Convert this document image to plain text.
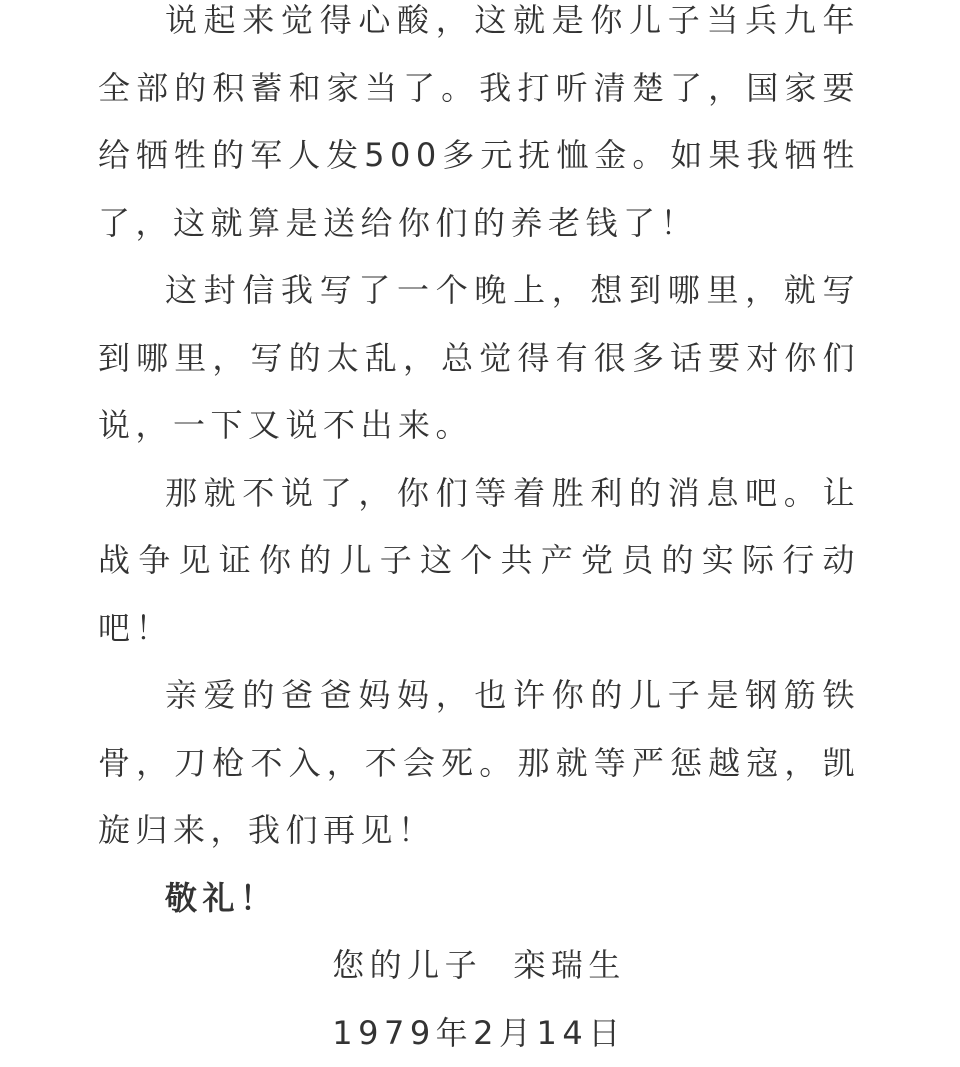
说起来觉得心酸，这就是你儿子当兵九年全部的积蓄和家当了。我打听清楚了，国家要给牺牲的军人发500多元抚恤金。如果我牺牲了，这就算是送给你们的养老钱了！

这封信我写了一个晚上，想到哪里，就写到哪里，写的太乱，总觉得有很多话要对你们说，一下又说不出来。

那就不说了，你们等着胜利的消息吧。让战争见证你的儿子这个共产党员的实际行动吧！

亲爱的爸爸妈妈，也许你的儿子是钢筋铁骨，刀枪不入，不会死。那就等严惩越寇，凯旋归来，我们再见！

敬礼！

您的儿子  栾瑞生

1979年2月14日
